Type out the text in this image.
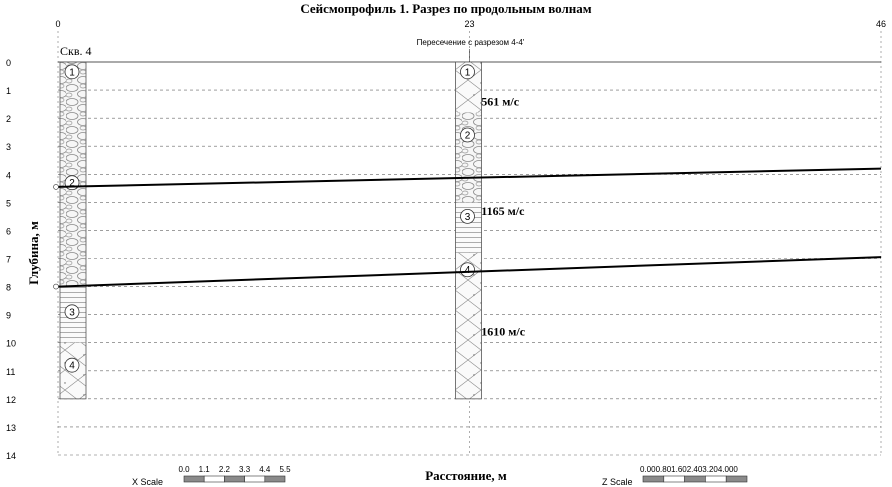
Сейсмопрофиль 1. Разрез по продольным волнам
0
1
2
3
4
5
6
7
8
9
10
11
12
13
14
0	23	46
1
2
3
4
Скв. 4
1
2
3
4
Пересечение с разрезом 4-4'
561 м/с
1165 м/с
1610 м/с
Расстояние, м
Глубина, м
0.0 1.1 2.2 3.3 4.4 5.5
X Scale
0.000.801.602.403.204.000
Z Scale
